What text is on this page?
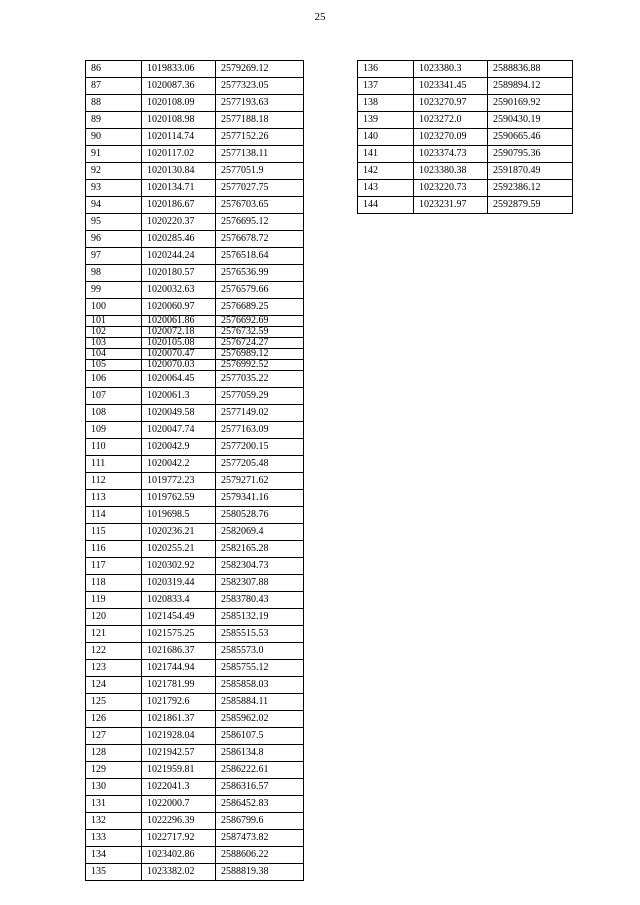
25
86	1019833.06	2579269.12
87	1020087.36	2577323.05
88	1020108.09	2577193.63
89	1020108.98	2577188.18
90	1020114.74	2577152.26
91	1020117.02	2577138.11
92	1020130.84	2577051.9
93	1020134.71	2577027.75
94	1020186.67	2576703.65
95	1020220.37	2576695.12
96	1020285.46	2576678.72
97	1020244.24	2576518.64
98	1020180.57	2576536.99
99	1020032.63	2576579.66
100	1020060.97	2576689.25
101	1020061.86	2576692.69
102	1020072.18	2576732.59
103	1020105.08	2576724.27
104	1020070.47	2576989.12
105	1020070.03	2576992.52
106	1020064.45	2577035.22
107	1020061.3	2577059.29
108	1020049.58	2577149.02
109	1020047.74	2577163.09
110	1020042.9	2577200.15
111	1020042.2	2577205.48
112	1019772.23	2579271.62
113	1019762.59	2579341.16
114	1019698.5	2580528.76
115	1020236.21	2582069.4
116	1020255.21	2582165.28
117	1020302.92	2582304.73
118	1020319.44	2582307.88
119	1020833.4	2583780.43
120	1021454.49	2585132.19
121	1021575.25	2585515.53
122	1021686.37	2585573.0
123	1021744.94	2585755.12
124	1021781.99	2585858.03
125	1021792.6	2585884.11
126	1021861.37	2585962.02
127	1021928.04	2586107.5
128	1021942.57	2586134.8
129	1021959.81	2586222.61
130	1022041.3	2586316.57
131	1022000.7	2586452.83
132	1022296.39	2586799.6
133	1022717.92	2587473.82
134	1023402.86	2588606.22
135	1023382.02	2588819.38
136	1023380.3	2588836.88
137	1023341.45	2589894.12
138	1023270.97	2590169.92
139	1023272.0	2590430.19
140	1023270.09	2590665.46
141	1023374.73	2590795.36
142	1023380.38	2591870.49
143	1023220.73	2592386.12
144	1023231.97	2592879.59
